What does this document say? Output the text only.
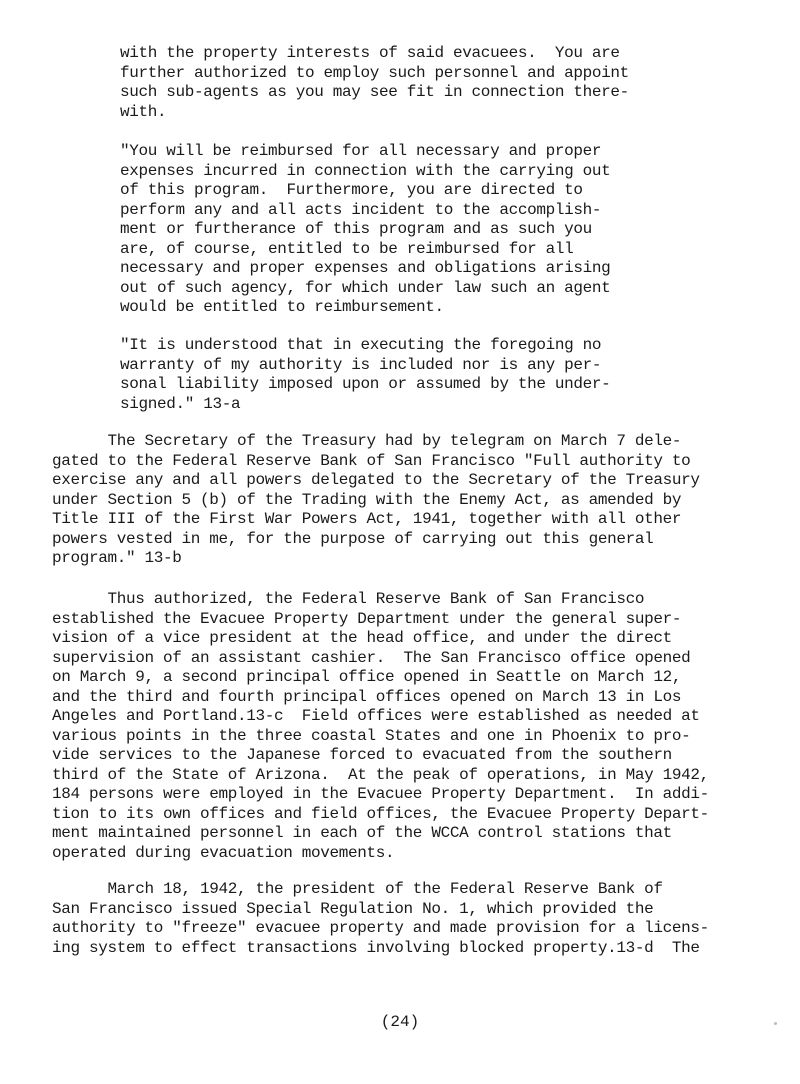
with the property interests of said evacuees.  You are
further authorized to employ such personnel and appoint
such sub-agents as you may see fit in connection there-
with.
"You will be reimbursed for all necessary and proper
expenses incurred in connection with the carrying out
of this program.  Furthermore, you are directed to
perform any and all acts incident to the accomplish-
ment or furtherance of this program and as such you
are, of course, entitled to be reimbursed for all
necessary and proper expenses and obligations arising
out of such agency, for which under law such an agent
would be entitled to reimbursement.
"It is understood that in executing the foregoing no
warranty of my authority is included nor is any per-
sonal liability imposed upon or assumed by the under-
signed." 13-a
The Secretary of the Treasury had by telegram on March 7 dele-
gated to the Federal Reserve Bank of San Francisco "Full authority to
exercise any and all powers delegated to the Secretary of the Treasury
under Section 5 (b) of the Trading with the Enemy Act, as amended by
Title III of the First War Powers Act, 1941, together with all other
powers vested in me, for the purpose of carrying out this general
program." 13-b
Thus authorized, the Federal Reserve Bank of San Francisco
established the Evacuee Property Department under the general super-
vision of a vice president at the head office, and under the direct
supervision of an assistant cashier.  The San Francisco office opened
on March 9, a second principal office opened in Seattle on March 12,
and the third and fourth principal offices opened on March 13 in Los
Angeles and Portland.13-c  Field offices were established as needed at
various points in the three coastal States and one in Phoenix to pro-
vide services to the Japanese forced to evacuated from the southern
third of the State of Arizona.  At the peak of operations, in May 1942,
184 persons were employed in the Evacuee Property Department.  In addi-
tion to its own offices and field offices, the Evacuee Property Depart-
ment maintained personnel in each of the WCCA control stations that
operated during evacuation movements.
March 18, 1942, the president of the Federal Reserve Bank of
San Francisco issued Special Regulation No. 1, which provided the
authority to "freeze" evacuee property and made provision for a licens-
ing system to effect transactions involving blocked property.13-d  The
(24)
